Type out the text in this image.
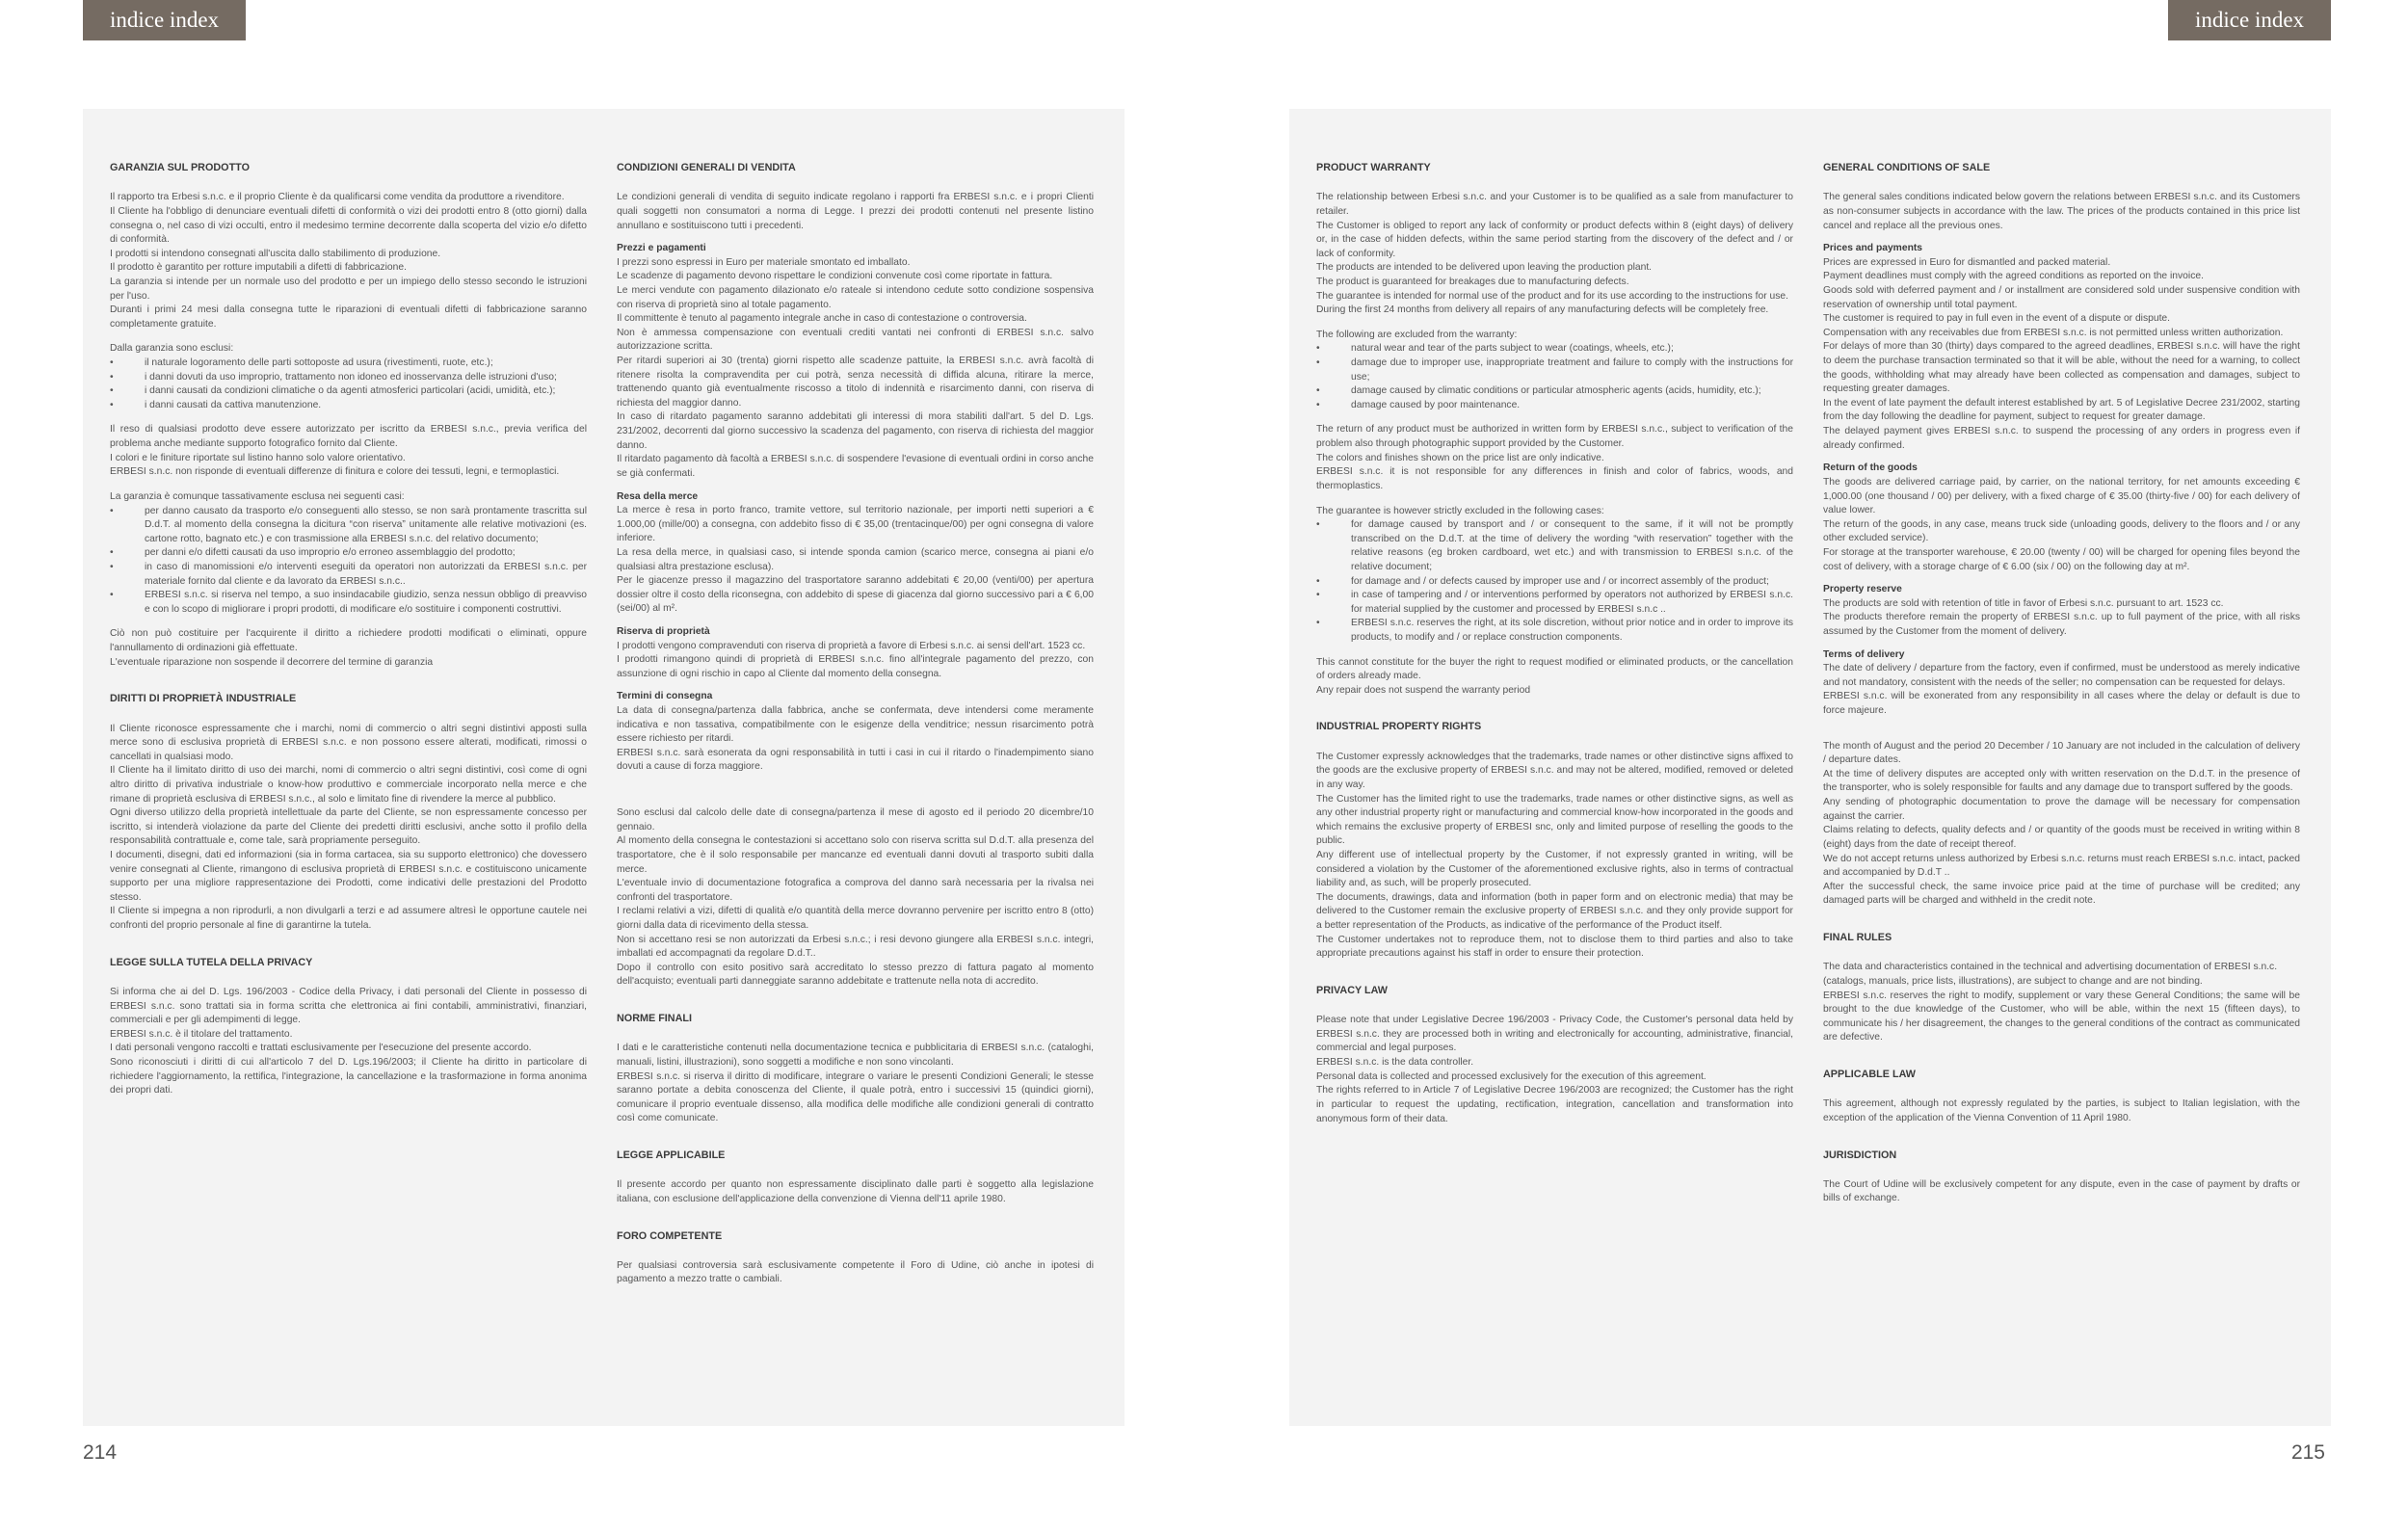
indice index	indice index
GARANZIA SUL PRODOTTO

Il rapporto tra Erbesi s.n.c. e il proprio Cliente è da qualificarsi come vendita da produttore a rivenditore.

Il Cliente ha l'obbligo di denunciare eventuali difetti di conformità o vizi dei prodotti entro 8 (otto giorni) dalla consegna o, nel caso di vizi occulti, entro il medesimo termine decorrente dalla scoperta del vizio e/o difetto di conformità.

I prodotti si intendono consegnati all'uscita dallo stabilimento di produzione.

Il prodotto è garantito per rotture imputabili a difetti di fabbricazione.

La garanzia si intende per un normale uso del prodotto e per un impiego dello stesso secondo le istruzioni per l'uso.

Duranti i primi 24 mesi dalla consegna tutte le riparazioni di eventuali difetti di fabbricazione saranno completamente gratuite.

Dalla garanzia sono esclusi:

• il naturale logoramento delle parti sottoposte ad usura (rivestimenti, ruote, etc.);
• i danni dovuti da uso improprio, trattamento non idoneo ed inosservanza delle istruzioni d'uso;
• i danni causati da condizioni climatiche o da agenti atmosferici particolari (acidi, umidità, etc.);
• i danni causati da cattiva manutenzione.

Il reso di qualsiasi prodotto deve essere autorizzato per iscritto da ERBESI s.n.c., previa verifica del problema anche mediante supporto fotografico fornito dal Cliente.

I colori e le finiture riportate sul listino hanno solo valore orientativo.

ERBESI s.n.c. non risponde di eventuali differenze di finitura e colore dei tessuti, legni, e termoplastici.

La garanzia è comunque tassativamente esclusa nei seguenti casi:

• per danno causato da trasporto e/o conseguenti allo stesso, se non sarà prontamente trascritta sul D.d.T. al momento della consegna la dicitura “con riserva” unitamente alle relative motivazioni (es. cartone rotto, bagnato etc.) e con trasmissione alla ERBESI s.n.c. del relativo documento;
• per danni e/o difetti causati da uso improprio e/o erroneo assemblaggio del prodotto;
• in caso di manomissioni e/o interventi eseguiti da operatori non autorizzati da ERBESI s.n.c. per materiale fornito dal cliente e da lavorato da ERBESI s.n.c..
• ERBESI s.n.c. si riserva nel tempo, a suo insindacabile giudizio, senza nessun obbligo di preavviso e con lo scopo di migliorare i propri prodotti, di modificare e/o sostituire i componenti costruttivi.

Ciò non può costituire per l'acquirente il diritto a richiedere prodotti modificati o eliminati, oppure l'annullamento di ordinazioni già effettuate.

L'eventuale riparazione non sospende il decorrere del termine di garanzia

DIRITTI DI PROPRIETÀ INDUSTRIALE

Il Cliente riconosce espressamente che i marchi, nomi di commercio o altri segni distintivi apposti sulla merce sono di esclusiva proprietà di ERBESI s.n.c. e non possono essere alterati, modificati, rimossi o cancellati in qualsiasi modo.

Il Cliente ha il limitato diritto di uso dei marchi, nomi di commercio o altri segni distintivi, così come di ogni altro diritto di privativa industriale o know-how produttivo e commerciale incorporato nella merce e che rimane di proprietà esclusiva di ERBESI s.n.c., al solo e limitato fine di rivendere la merce al pubblico.

Ogni diverso utilizzo della proprietà intellettuale da parte del Cliente, se non espressamente concesso per iscritto, si intenderà violazione da parte del Cliente dei predetti diritti esclusivi, anche sotto il profilo della responsabilità contrattuale e, come tale, sarà propriamente perseguito.

I documenti, disegni, dati ed informazioni (sia in forma cartacea, sia su supporto elettronico) che dovessero venire consegnati al Cliente, rimangono di esclusiva proprietà di ERBESI s.n.c. e costituiscono unicamente supporto per una migliore rappresentazione dei Prodotti, come indicativi delle prestazioni del Prodotto stesso.

Il Cliente si impegna a non riprodurli, a non divulgarli a terzi e ad assumere altresì le opportune cautele nei confronti del proprio personale al fine di garantirne la tutela.

LEGGE SULLA TUTELA DELLA PRIVACY

Si informa che ai del D. Lgs. 196/2003 - Codice della Privacy, i dati personali del Cliente in possesso di ERBESI s.n.c. sono trattati sia in forma scritta che elettronica ai fini contabili, amministrativi, finanziari, commerciali e per gli adempimenti di legge.

ERBESI s.n.c. è il titolare del trattamento.

I dati personali vengono raccolti e trattati esclusivamente per l'esecuzione del presente accordo.

Sono riconosciuti i diritti di cui all'articolo 7 del D. Lgs.196/2003; il Cliente ha diritto in particolare di richiedere l'aggiornamento, la rettifica, l'integrazione, la cancellazione e la trasformazione in forma anonima dei propri dati.

CONDIZIONI GENERALI DI VENDITA

Le condizioni generali di vendita di seguito indicate regolano i rapporti fra ERBESI s.n.c. e i propri Clienti quali soggetti non consumatori a norma di Legge. I prezzi dei prodotti contenuti nel presente listino annullano e sostituiscono tutti i precedenti.

Prezzi e pagamenti

I prezzi sono espressi in Euro per materiale smontato ed imballato.

Le scadenze di pagamento devono rispettare le condizioni convenute così come riportate in fattura.

Le merci vendute con pagamento dilazionato e/o rateale si intendono cedute sotto condizione sospensiva con riserva di proprietà sino al totale pagamento.

Il committente è tenuto al pagamento integrale anche in caso di contestazione o controversia.

Non è ammessa compensazione con eventuali crediti vantati nei confronti di ERBESI s.n.c. salvo autorizzazione scritta.

Per ritardi superiori ai 30 (trenta) giorni rispetto alle scadenze pattuite, la ERBESI s.n.c. avrà facoltà di ritenere risolta la compravendita per cui potrà, senza necessità di diffida alcuna, ritirare la merce, trattenendo quanto già eventualmente riscosso a titolo di indennità e risarcimento danni, con riserva di richiesta del maggior danno.

In caso di ritardato pagamento saranno addebitati gli interessi di mora stabiliti dall'art. 5 del D. Lgs. 231/2002, decorrenti dal giorno successivo la scadenza del pagamento, con riserva di richiesta del maggior danno.

Il ritardato pagamento dà facoltà a ERBESI s.n.c. di sospendere l'evasione di eventuali ordini in corso anche se già confermati.

Resa della merce

La merce è resa in porto franco, tramite vettore, sul territorio nazionale, per importi netti superiori a € 1.000,00 (mille/00) a consegna, con addebito fisso di € 35,00 (trentacinque/00) per ogni consegna di valore inferiore.

La resa della merce, in qualsiasi caso, si intende sponda camion (scarico merce, consegna ai piani e/o qualsiasi altra prestazione esclusa).

Per le giacenze presso il magazzino del trasportatore saranno addebitati € 20,00 (venti/00) per apertura dossier oltre il costo della riconsegna, con addebito di spese di giacenza dal giorno successivo pari a € 6,00 (sei/00) al m².

Riserva di proprietà

I prodotti vengono compravenduti con riserva di proprietà a favore di Erbesi s.n.c. ai sensi dell'art. 1523 cc.

I prodotti rimangono quindi di proprietà di ERBESI s.n.c. fino all'integrale pagamento del prezzo, con assunzione di ogni rischio in capo al Cliente dal momento della consegna.

Termini di consegna

La data di consegna/partenza dalla fabbrica, anche se confermata, deve intendersi come meramente indicativa e non tassativa, compatibilmente con le esigenze della venditrice; nessun risarcimento potrà essere richiesto per ritardi.

ERBESI s.n.c. sarà esonerata da ogni responsabilità in tutti i casi in cui il ritardo o l'inadempimento siano dovuti a cause di forza maggiore.

Sono esclusi dal calcolo delle date di consegna/partenza il mese di agosto ed il periodo 20 dicembre/10 gennaio.

Al momento della consegna le contestazioni si accettano solo con riserva scritta sul D.d.T. alla presenza del trasportatore, che è il solo responsabile per mancanze ed eventuali danni dovuti al trasporto subiti dalla merce.

L'eventuale invio di documentazione fotografica a comprova del danno sarà necessaria per la rivalsa nei confronti del trasportatore.

I reclami relativi a vizi, difetti di qualità e/o quantità della merce dovranno pervenire per iscritto entro 8 (otto) giorni dalla data di ricevimento della stessa.

Non si accettano resi se non autorizzati da Erbesi s.n.c.; i resi devono giungere alla ERBESI s.n.c. integri, imballati ed accompagnati da regolare D.d.T..

Dopo il controllo con esito positivo sarà accreditato lo stesso prezzo di fattura pagato al momento dell'acquisto; eventuali parti danneggiate saranno addebitate e trattenute nella nota di accredito.

NORME FINALI

I dati e le caratteristiche contenuti nella documentazione tecnica e pubblicitaria di ERBESI s.n.c. (cataloghi, manuali, listini, illustrazioni), sono soggetti a modifiche e non sono vincolanti.

ERBESI s.n.c. si riserva il diritto di modificare, integrare o variare le presenti Condizioni Generali; le stesse saranno portate a debita conoscenza del Cliente, il quale potrà, entro i successivi 15 (quindici giorni), comunicare il proprio eventuale dissenso, alla modifica delle modifiche alle condizioni generali di contratto così come comunicate.

LEGGE APPLICABILE

Il presente accordo per quanto non espressamente disciplinato dalle parti è soggetto alla legislazione italiana, con esclusione dell'applicazione della convenzione di Vienna dell'11 aprile 1980.

FORO COMPETENTE

Per qualsiasi controversia sarà esclusivamente competente il Foro di Udine, ciò anche in ipotesi di pagamento a mezzo tratte o cambiali.

PRODUCT WARRANTY

The relationship between Erbesi s.n.c. and your Customer is to be qualified as a sale from manufacturer to retailer.

The Customer is obliged to report any lack of conformity or product defects within 8 (eight days) of delivery or, in the case of hidden defects, within the same period starting from the discovery of the defect and / or lack of conformity.

The products are intended to be delivered upon leaving the production plant.

The product is guaranteed for breakages due to manufacturing defects.

The guarantee is intended for normal use of the product and for its use according to the instructions for use.

During the first 24 months from delivery all repairs of any manufacturing defects will be completely free.

The following are excluded from the warranty:

• natural wear and tear of the parts subject to wear (coatings, wheels, etc.);
• damage due to improper use, inappropriate treatment and failure to comply with the instructions for use;
• damage caused by climatic conditions or particular atmospheric agents (acids, humidity, etc.);
• damage caused by poor maintenance.

The return of any product must be authorized in written form by ERBESI s.n.c., subject to verification of the problem also through photographic support provided by the Customer.

The colors and finishes shown on the price list are only indicative.

ERBESI s.n.c. it is not responsible for any differences in finish and color of fabrics, woods, and thermoplastics.

The guarantee is however strictly excluded in the following cases:

• for damage caused by transport and / or consequent to the same, if it will not be promptly transcribed on the D.d.T. at the time of delivery the wording “with reservation” together with the relative reasons (eg broken cardboard, wet etc.) and with transmission to ERBESI s.n.c. of the relative document;
• for damage and / or defects caused by improper use and / or incorrect assembly of the product;
• in case of tampering and / or interventions performed by operators not authorized by ERBESI s.n.c. for material supplied by the customer and processed by ERBESI s.n.c ..
• ERBESI s.n.c. reserves the right, at its sole discretion, without prior notice and in order to improve its products, to modify and / or replace construction components.

This cannot constitute for the buyer the right to request modified or eliminated products, or the cancellation of orders already made.

Any repair does not suspend the warranty period

INDUSTRIAL PROPERTY RIGHTS

The Customer expressly acknowledges that the trademarks, trade names or other distinctive signs affixed to the goods are the exclusive property of ERBESI s.n.c. and may not be altered, modified, removed or deleted in any way.

The Customer has the limited right to use the trademarks, trade names or other distinctive signs, as well as any other industrial property right or manufacturing and commercial know-how incorporated in the goods and which remains the exclusive property of ERBESI snc, only and limited purpose of reselling the goods to the public.

Any different use of intellectual property by the Customer, if not expressly granted in writing, will be considered a violation by the Customer of the aforementioned exclusive rights, also in terms of contractual liability and, as such, will be properly prosecuted.

The documents, drawings, data and information (both in paper form and on electronic media) that may be delivered to the Customer remain the exclusive property of ERBESI s.n.c. and they only provide support for a better representation of the Products, as indicative of the performance of the Product itself.

The Customer undertakes not to reproduce them, not to disclose them to third parties and also to take appropriate precautions against his staff in order to ensure their protection.

PRIVACY LAW

Please note that under Legislative Decree 196/2003 - Privacy Code, the Customer's personal data held by ERBESI s.n.c. they are processed both in writing and electronically for accounting, administrative, financial, commercial and legal purposes.

ERBESI s.n.c. is the data controller.

Personal data is collected and processed exclusively for the execution of this agreement.

The rights referred to in Article 7 of Legislative Decree 196/2003 are recognized; the Customer has the right in particular to request the updating, rectification, integration, cancellation and transformation into anonymous form of their data.

GENERAL CONDITIONS OF SALE

The general sales conditions indicated below govern the relations between ERBESI s.n.c. and its Customers as non-consumer subjects in accordance with the law. The prices of the products contained in this price list cancel and replace all the previous ones.

Prices and payments

Prices are expressed in Euro for dismantled and packed material.

Payment deadlines must comply with the agreed conditions as reported on the invoice.

Goods sold with deferred payment and / or installment are considered sold under suspensive condition with reservation of ownership until total payment.

The customer is required to pay in full even in the event of a dispute or dispute.

Compensation with any receivables due from ERBESI s.n.c. is not permitted unless written authorization.

For delays of more than 30 (thirty) days compared to the agreed deadlines, ERBESI s.n.c. will have the right to deem the purchase transaction terminated so that it will be able, without the need for a warning, to collect the goods, withholding what may already have been collected as compensation and damages, subject to requesting greater damages.

In the event of late payment the default interest established by art. 5 of Legislative Decree 231/2002, starting from the day following the deadline for payment, subject to request for greater damage.

The delayed payment gives ERBESI s.n.c. to suspend the processing of any orders in progress even if already confirmed.

Return of the goods

The goods are delivered carriage paid, by carrier, on the national territory, for net amounts exceeding € 1,000.00 (one thousand / 00) per delivery, with a fixed charge of € 35.00 (thirty-five / 00) for each delivery of value lower.

The return of the goods, in any case, means truck side (unloading goods, delivery to the floors and / or any other excluded service).

For storage at the transporter warehouse, € 20.00 (twenty / 00) will be charged for opening files beyond the cost of delivery, with a storage charge of € 6.00 (six / 00) on the following day at m².

Property reserve

The products are sold with retention of title in favor of Erbesi s.n.c. pursuant to art. 1523 cc.

The products therefore remain the property of ERBESI s.n.c. up to full payment of the price, with all risks assumed by the Customer from the moment of delivery.

Terms of delivery

The date of delivery / departure from the factory, even if confirmed, must be understood as merely indicative and not mandatory, consistent with the needs of the seller; no compensation can be requested for delays.

ERBESI s.n.c. will be exonerated from any responsibility in all cases where the delay or default is due to force majeure.

The month of August and the period 20 December / 10 January are not included in the calculation of delivery / departure dates.

At the time of delivery disputes are accepted only with written reservation on the D.d.T. in the presence of the transporter, who is solely responsible for faults and any damage due to transport suffered by the goods.

Any sending of photographic documentation to prove the damage will be necessary for compensation against the carrier.

Claims relating to defects, quality defects and / or quantity of the goods must be received in writing within 8 (eight) days from the date of receipt thereof.

We do not accept returns unless authorized by Erbesi s.n.c. returns must reach ERBESI s.n.c. intact, packed and accompanied by D.d.T ..

After the successful check, the same invoice price paid at the time of purchase will be credited; any damaged parts will be charged and withheld in the credit note.

FINAL RULES

The data and characteristics contained in the technical and advertising documentation of ERBESI s.n.c.

(catalogs, manuals, price lists, illustrations), are subject to change and are not binding.

ERBESI s.n.c. reserves the right to modify, supplement or vary these General Conditions; the same will be brought to the due knowledge of the Customer, who will be able, within the next 15 (fifteen days), to communicate his / her disagreement, the changes to the general conditions of the contract as communicated are defective.

APPLICABLE LAW

This agreement, although not expressly regulated by the parties, is subject to Italian legislation, with the exception of the application of the Vienna Convention of 11 April 1980.

JURISDICTION

The Court of Udine will be exclusively competent for any dispute, even in the case of payment by drafts or bills of exchange.

214	215
